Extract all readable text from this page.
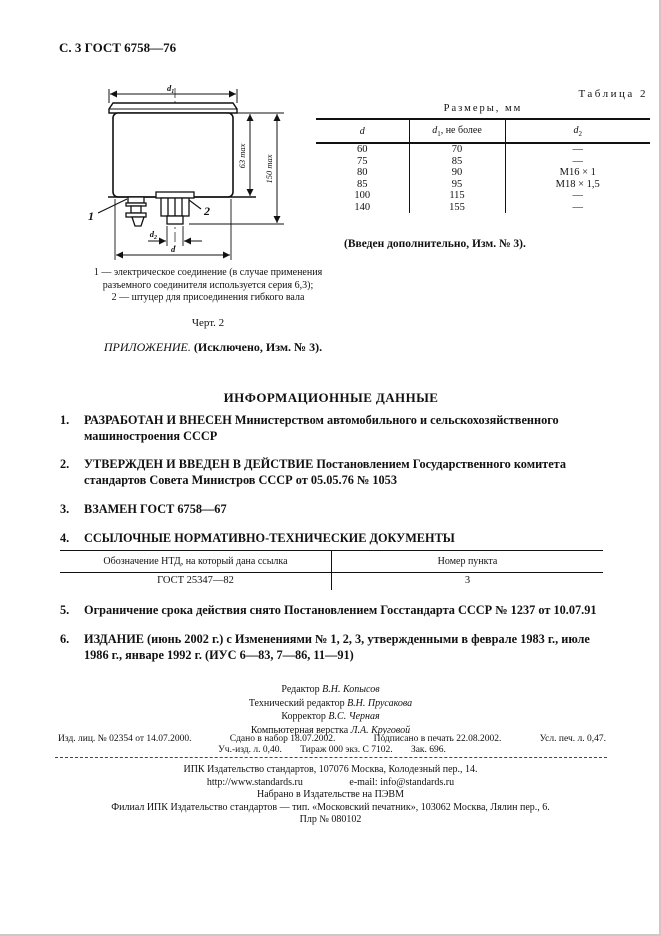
С. 3 ГОСТ 6758—76
$d_1$
63 max 150 max
1	2
$d_2$
d
Таблица 2
Размеры, мм
d	$d_1$, не более	$d_2$
60	70	—
75	85	—
80	90	М16 × 1
85	95	М18 × 1,5
100	115	—
140	155	—
(Введен дополнительно, Изм. № 3).
1 — электрическое соединение (в случае применения
разъемного соединителя используется серия 6,3);
2 — штуцер для присоединения гибкого вала
Черт. 2
ПРИЛОЖЕНИЕ. (Исключено, Изм. № 3).
ИНФОРМАЦИОННЫЕ ДАННЫЕ
1.	РАЗРАБОТАН И ВНЕСЕН Министерством автомобильного и сельскохозяйственного машиностроения СССР
2.	УТВЕРЖДЕН И ВВЕДЕН В ДЕЙСТВИЕ Постановлением Государственного комитета стандартов Совета Министров СССР от 05.05.76 № 1053
3.	ВЗАМЕН ГОСТ 6758—67
4.	ССЫЛОЧНЫЕ НОРМАТИВНО-ТЕХНИЧЕСКИЕ ДОКУМЕНТЫ
Обозначение НТД, на который дана ссылка	Номер пункта
ГОСТ 25347—82	3
5.	Ограничение срока действия снято Постановлением Госстандарта СССР № 1237 от 10.07.91
6.	ИЗДАНИЕ (июнь 2002 г.) с Изменениями № 1, 2, 3, утвержденными в феврале 1983 г., июле 1986 г., январе 1992 г. (ИУС 6—83, 7—86, 11—91)
Редактор В.Н. Копысов
Технический редактор В.Н. Прусакова
Корректор В.С. Черная
Компьютерная верстка Л.А. Круговой
Изд. лиц. № 02354 от 14.07.2000.	Сдано в набор 18.07.2002.	Подписано в печать 22.08.2002.	Усл. печ. л. 0,47.
Уч.-изд. л. 0,40. Тираж 000 экз. С 7102. Зак. 696.
ИПК Издательство стандартов, 107076 Москва, Колодезный пер., 14.
http://www.standards.ru	e-mail: info@standards.ru
Набрано в Издательстве на ПЭВМ
Филиал ИПК Издательство стандартов — тип. «Московский печатник», 103062 Москва, Лялин пер., 6.
Плр № 080102
